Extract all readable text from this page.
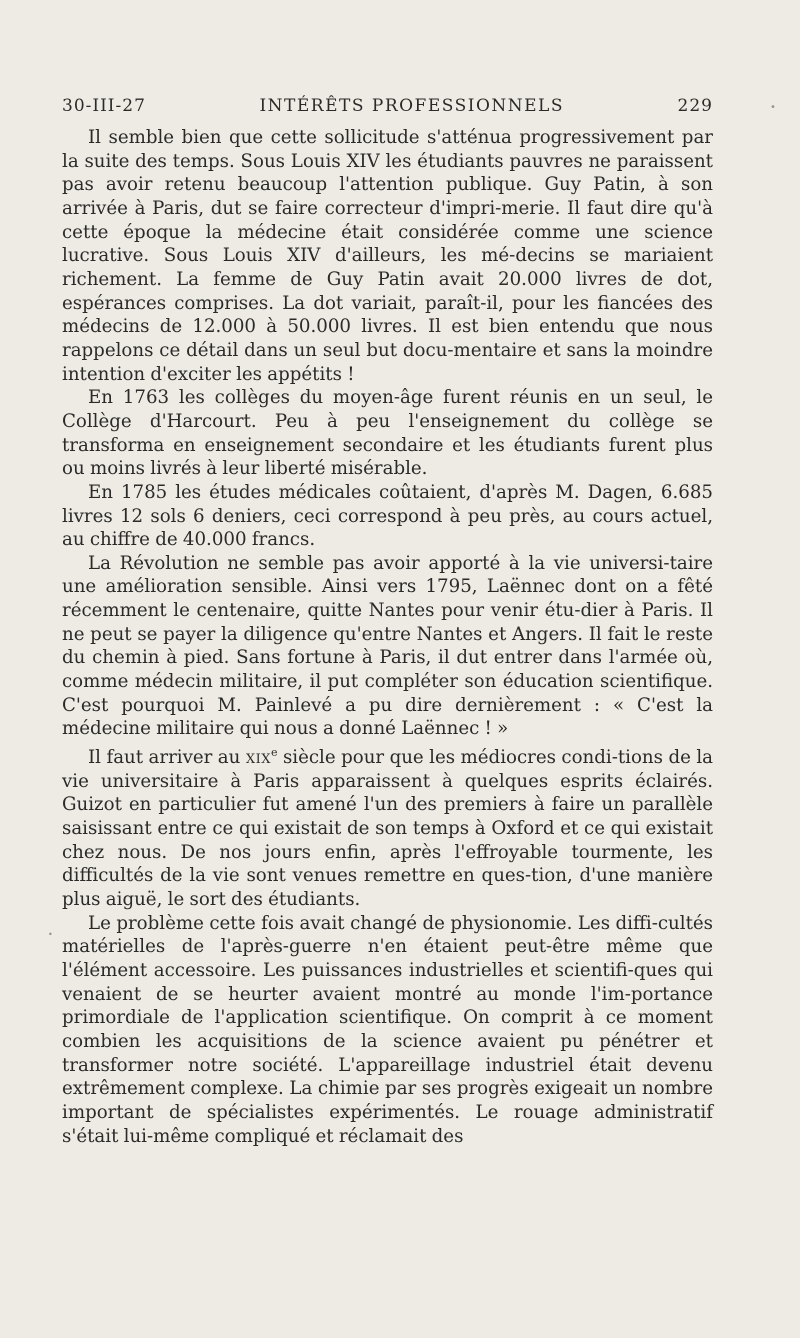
•
•
30-III-27	INTÉRÊTS PROFESSIONNELS	229

Il semble bien que cette sollicitude s'atténua progressivement par la suite des temps. Sous Louis XIV les étudiants pauvres ne paraissent pas avoir retenu beaucoup l'attention publique. Guy Patin, à son arrivée à Paris, dut se faire correcteur d'impri-merie. Il faut dire qu'à cette époque la médecine était considérée comme une science lucrative. Sous Louis XIV d'ailleurs, les mé-decins se mariaient richement. La femme de Guy Patin avait 20.000 livres de dot, espérances comprises. La dot variait, paraît-il, pour les fiancées des médecins de 12.000 à 50.000 livres. Il est bien entendu que nous rappelons ce détail dans un seul but docu-mentaire et sans la moindre intention d'exciter les appétits !

En 1763 les collèges du moyen-âge furent réunis en un seul, le Collège d'Harcourt. Peu à peu l'enseignement du collège se transforma en enseignement secondaire et les étudiants furent plus ou moins livrés à leur liberté misérable.

En 1785 les études médicales coûtaient, d'après M. Dagen, 6.685 livres 12 sols 6 deniers, ceci correspond à peu près, au cours actuel, au chiffre de 40.000 francs.

La Révolution ne semble pas avoir apporté à la vie universi-taire une amélioration sensible. Ainsi vers 1795, Laënnec dont on a fêté récemment le centenaire, quitte Nantes pour venir étu-dier à Paris. Il ne peut se payer la diligence qu'entre Nantes et Angers. Il fait le reste du chemin à pied. Sans fortune à Paris, il dut entrer dans l'armée où, comme médecin militaire, il put compléter son éducation scientifique. C'est pourquoi M. Painlevé a pu dire dernièrement : « C'est la médecine militaire qui nous a donné Laënnec ! »

Il faut arriver au xix$^e$ siècle pour que les médiocres condi-tions de la vie universitaire à Paris apparaissent à quelques esprits éclairés. Guizot en particulier fut amené l'un des premiers à faire un parallèle saisissant entre ce qui existait de son temps à Oxford et ce qui existait chez nous. De nos jours enfin, après l'effroyable tourmente, les difficultés de la vie sont venues remettre en ques-tion, d'une manière plus aiguë, le sort des étudiants.

Le problème cette fois avait changé de physionomie. Les diffi-cultés matérielles de l'après-guerre n'en étaient peut-être même que l'élément accessoire. Les puissances industrielles et scientifi-ques qui venaient de se heurter avaient montré au monde l'im-portance primordiale de l'application scientifique. On comprit à ce moment combien les acquisitions de la science avaient pu pénétrer et transformer notre société. L'appareillage industriel était devenu extrêmement complexe. La chimie par ses progrès exigeait un nombre important de spécialistes expérimentés. Le rouage administratif s'était lui-même compliqué et réclamait des
